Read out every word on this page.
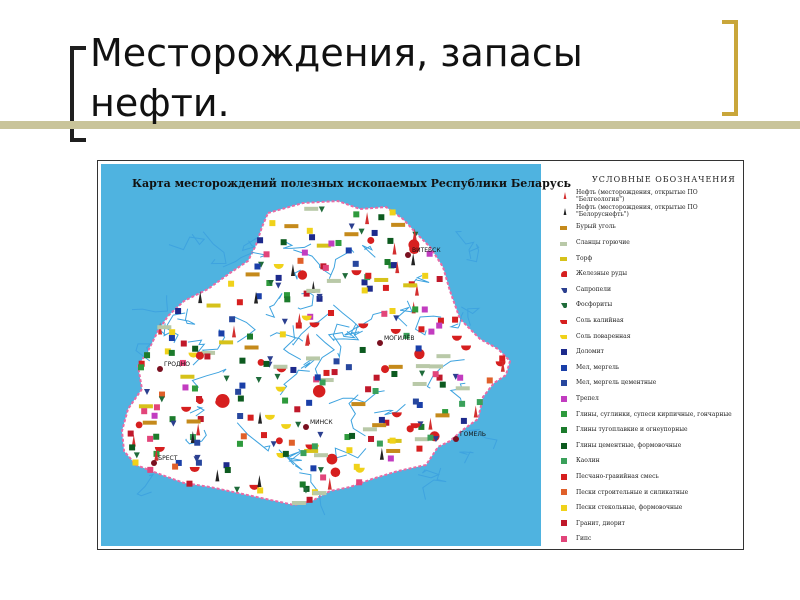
Месторождения, запасы нефти.
ВИТЕБСК
ГРОДНО
МИНСК
МОГИЛЁВ
БРЕСТ
ГОМЕЛЬ
Карта месторождений полезных ископаемых Республики Беларусь	УСЛОВНЫЕ ОБОЗНАЧЕНИЯ
Нефть (месторождения, открытые ПО "Белгеология")
Нефть (месторождения, открытые ПО "Белоруснефть")
Бурый уголь
Сланцы горючие
Торф
Железные руды
Сапропели
Фосфориты
Соль калийная
Соль поваренная
Доломит
Мел, мергель
Мел, мергель цементные
Трепел
Глины, суглинки, супеси кирпичные, гончарные
Глины тугоплавкие и огнеупорные
Глины цементные, формовочные
Каолин
Песчано-гравийная смесь
Пески строительные и силикатные
Пески стекольные, формовочные
Гранит, диорит
Гипс
